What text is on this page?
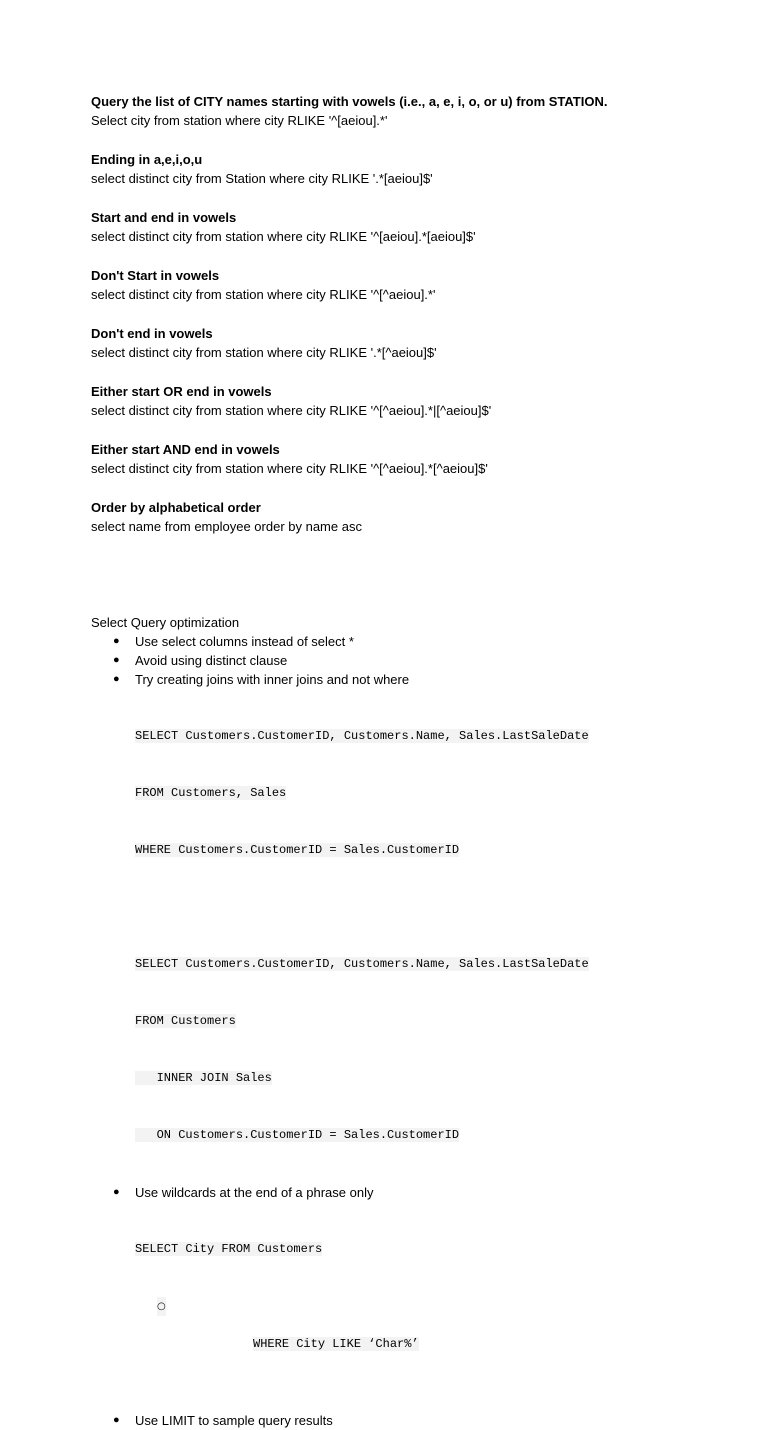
Query the list of CITY names starting with vowels (i.e., a, e, i, o, or u) from STATION.
Select city from station where city RLIKE '^[aeiou].*'
Ending in a,e,i,o,u
select distinct city from Station where city RLIKE '.*[aeiou]$'
Start and end in vowels
select distinct city from station where city RLIKE '^[aeiou].*[aeiou]$'
Don't Start in vowels
select distinct city from station where city RLIKE '^[^aeiou].*'
Don't end in vowels
select distinct city from station where city RLIKE '.*[^aeiou]$'
Either start OR end in vowels
select distinct city from station where city RLIKE '^[^aeiou].*|[^aeiou]$'
Either start AND end in vowels
select distinct city from station where city RLIKE '^[^aeiou].*[^aeiou]$'
Order by alphabetical order
select name from employee order by name asc
Select Query optimization
● Use select columns instead of select *
● Avoid using distinct clause
● Try creating joins with inner joins and not where

SELECT Customers.CustomerID, Customers.Name, Sales.LastSaleDate

FROM Customers, Sales

WHERE Customers.CustomerID = Sales.CustomerID

SELECT Customers.CustomerID, Customers.Name, Sales.LastSaleDate

FROM Customers

INNER JOIN Sales

ON Customers.CustomerID = Sales.CustomerID

● Use wildcards at the end of a phrase only

SELECT City FROM Customers

○

WHERE City LIKE ‘Char%’

● Use LIMIT to sample query results
